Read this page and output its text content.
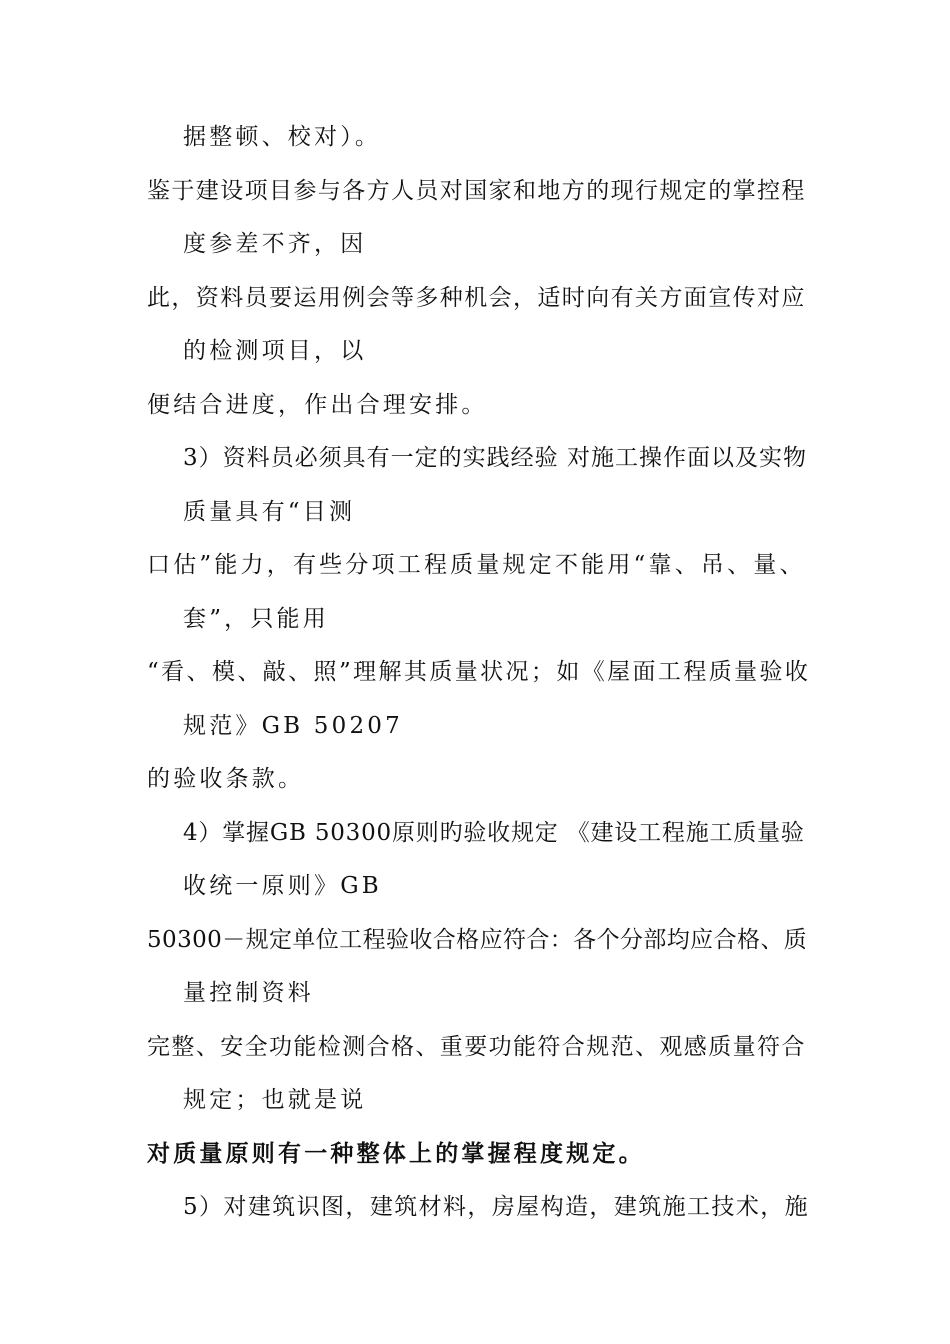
据整顿、校对）。
鉴于建设项目参与各方人员对国家和地方的现行规定的掌控程
度参差不齐，因
此，资料员要运用例会等多种机会，适时向有关方面宣传对应
的检测项目，以
便结合进度，作出合理安排。
3）资料员必须具有一定的实践经验 对施工操作面以及实物
质量具有“目测
口估”能力，有些分项工程质量规定不能用“靠、吊、量、
套”，只能用
“看、模、敲、照”理解其质量状况；如《屋面工程质量验收
规范》GB 50207
的验收条款。
4）掌握GB 50300原则旳验收规定 《建设工程施工质量验
收统一原则》GB
50300－规定单位工程验收合格应符合：各个分部均应合格、质
量控制资料
完整、安全功能检测合格、重要功能符合规范、观感质量符合
规定；也就是说
对质量原则有一种整体上的掌握程度规定。
5）对建筑识图，建筑材料，房屋构造，建筑施工技术，施
